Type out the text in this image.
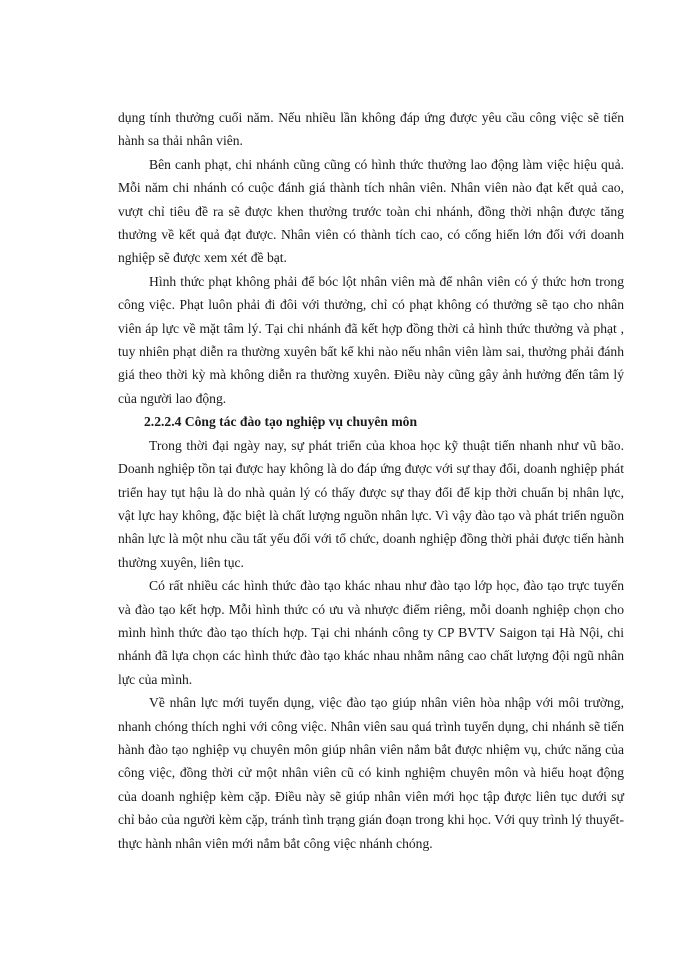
dụng tính thưởng cuối năm. Nếu nhiều lần không đáp ứng được yêu cầu công việc sẽ tiến hành sa thải nhân viên.

Bên canh phạt, chi nhánh cũng cũng có hình thức thưởng lao động làm việc hiệu quả. Mỗi năm chi nhánh có cuộc đánh giá thành tích nhân viên. Nhân viên nào đạt kết quả cao, vượt chỉ tiêu đề ra sẽ được khen thưởng trước toàn chi nhánh, đồng thời nhận được tăng thưởng về kết quả đạt được. Nhân viên có thành tích cao, có cống hiến lớn đối với doanh nghiệp sẽ được xem xét đề bạt.

Hình thức phạt không phải để bóc lột nhân viên mà để nhân viên có ý thức hơn trong công việc. Phạt luôn phải đi đôi với thưởng, chỉ có phạt không có thưởng sẽ tạo cho nhân viên áp lực về mặt tâm lý. Tại chi nhánh đã kết hợp đồng thời cả hình thức thưởng và phạt , tuy nhiên phạt diễn ra thường xuyên bất kể khi nào nếu nhân viên làm sai, thưởng phải đánh giá theo thời kỳ mà không diễn ra thường xuyên. Điều này cũng gây ảnh hưởng đến tâm lý của người lao động.

2.2.2.4 Công tác đào tạo nghiệp vụ chuyên môn

Trong thời đại ngày nay, sự phát triển của khoa học kỹ thuật tiến nhanh như vũ bão. Doanh nghiệp tồn tại được hay không là do đáp ứng được với sự thay đổi, doanh nghiệp phát triển hay tụt hậu là do nhà quản lý có thấy được sự thay đổi để kịp thời chuẩn bị nhân lực, vật lực hay không, đặc biệt là chất lượng nguồn nhân lực. Vì vậy đào tạo và phát triển nguồn nhân lực là một nhu cầu tất yếu đối với tổ chức, doanh nghiệp đồng thời phải được tiến hành thường xuyên, liên tục.

Có rất nhiều các hình thức đào tạo khác nhau như đào tạo lớp học, đào tạo trực tuyến và đào tạo kết hợp. Mỗi hình thức có ưu và nhược điểm riêng, mỗi doanh nghiệp chọn cho mình hình thức đào tạo thích hợp. Tại chi nhánh công ty CP BVTV Saigon tại Hà Nội, chi nhánh đã lựa chọn các hình thức đào tạo khác nhau nhằm nâng cao chất lượng đội ngũ nhân lực của mình.

Về nhân lực mới tuyển dụng, việc đào tạo giúp nhân viên hòa nhập với môi trường, nhanh chóng thích nghi với công việc. Nhân viên sau quá trình tuyển dụng, chi nhánh sẽ tiến hành đào tạo nghiệp vụ chuyên môn giúp nhân viên nắm bắt được nhiệm vụ, chức năng của công việc, đồng thời cử một nhân viên cũ có kinh nghiệm chuyên môn và hiểu hoạt động của doanh nghiệp kèm cặp. Điều này sẽ giúp nhân viên mới học tập được liên tục dưới sự chỉ bảo của người kèm cặp, tránh tình trạng gián đoạn trong khi học. Với quy trình lý thuyết- thực hành nhân viên mới nắm bắt công việc nhánh chóng.
